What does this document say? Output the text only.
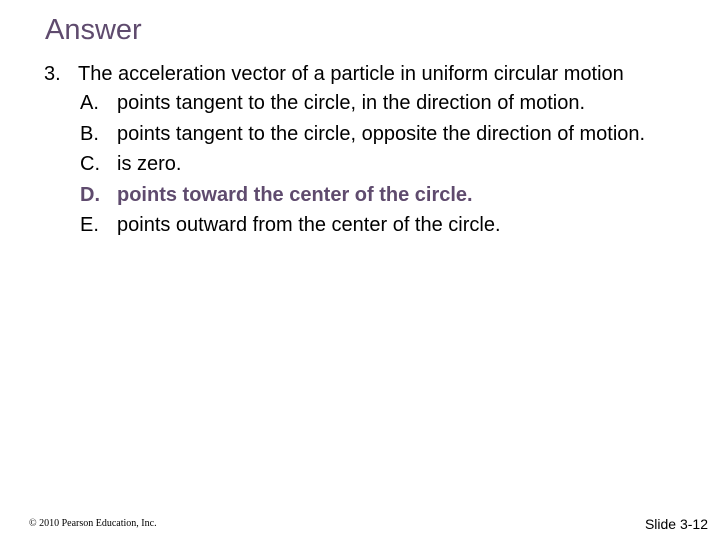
Answer
3. The acceleration vector of a particle in uniform circular motion
A. points tangent to the circle, in the direction of motion.
B. points tangent to the circle, opposite the direction of motion.
C. is zero.
D. points toward the center of the circle.
E. points outward from the center of the circle.
© 2010 Pearson Education, Inc.	Slide 3-12
